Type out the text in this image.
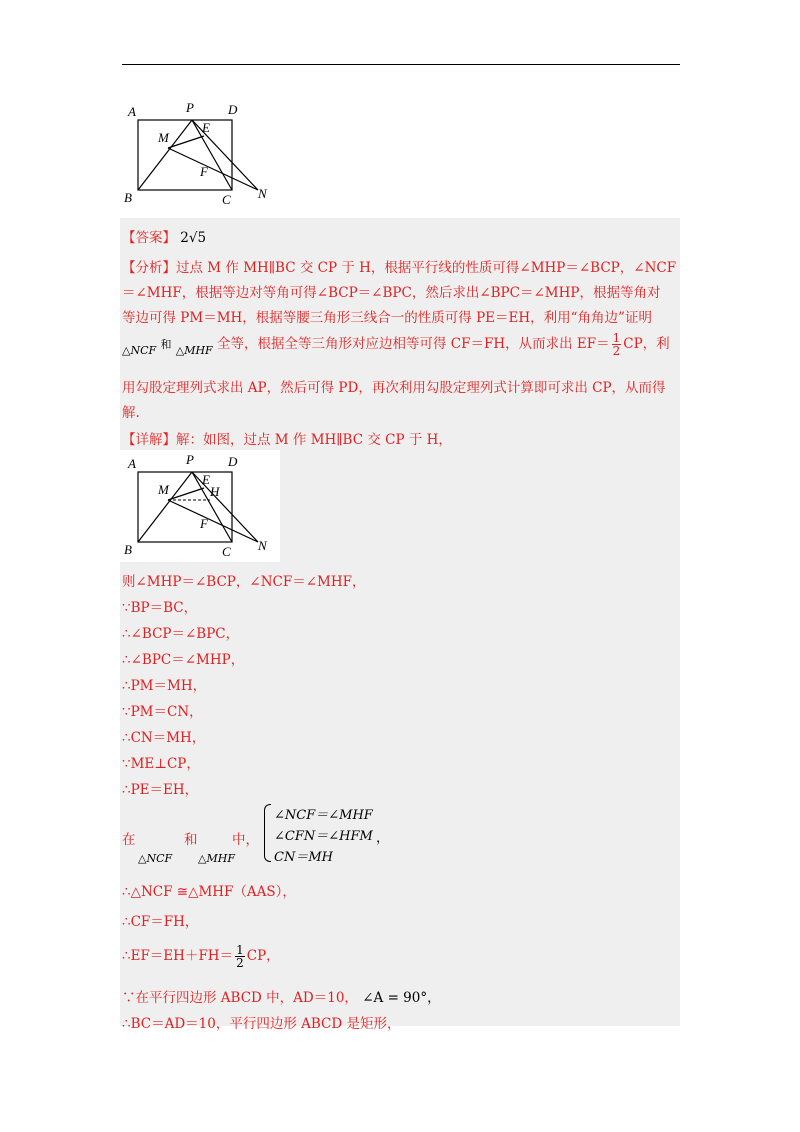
A	P	D
M
E
F
B	C N
【答案】 2√5
【分析】过点 M 作 MH∥BC 交 CP 于 H，根据平行线的性质可得∠MHP＝∠BCP，∠NCF
＝∠MHF，根据等边对等角可得∠BCP＝∠BPC，然后求出∠BPC＝∠MHP，根据等角对
等边可得 PM＝MH，根据等腰三角形三线合一的性质可得 PE＝EH，利用“角角边”证明
△NCF $^和$ △MHF 全等，根据全等三角形对应边相等可得 CF＝FH，从而求出 $EF= \frac{1}{2}$ CP，利
用勾股定理列式求出 AP，然后可得 PD，再次利用勾股定理列式计算即可求出 CP，从而得
解.
【详解】解：如图，过点 M 作 MH∥BC 交 CP 于 H，
则∠MHP＝∠BCP，∠NCF＝∠MHF，
∵BP＝BC，
∴∠BCP＝∠BPC，
∴∠BPC＝∠MHP，
∴PM＝MH，
∵PM＝CN，
∴CN＝MH，
∵ME⊥CP，
∴PE＝EH，
在	和	中，
△NCF △MHF
∠NCF＝∠MHF
∠CFN＝∠HFM
CN＝MH
，
∴△NCF ≅△MHF（AAS），
∴CF＝FH，
∴EF＝EH＋FH＝ $\frac{1}{2}$ CP，
∵在平行四边形 ABCD 中，AD＝10， ∠A = 90°，
∴BC＝AD＝10，平行四边形 ABCD 是矩形，
A	P	D
M
E
H
F
B	C N
